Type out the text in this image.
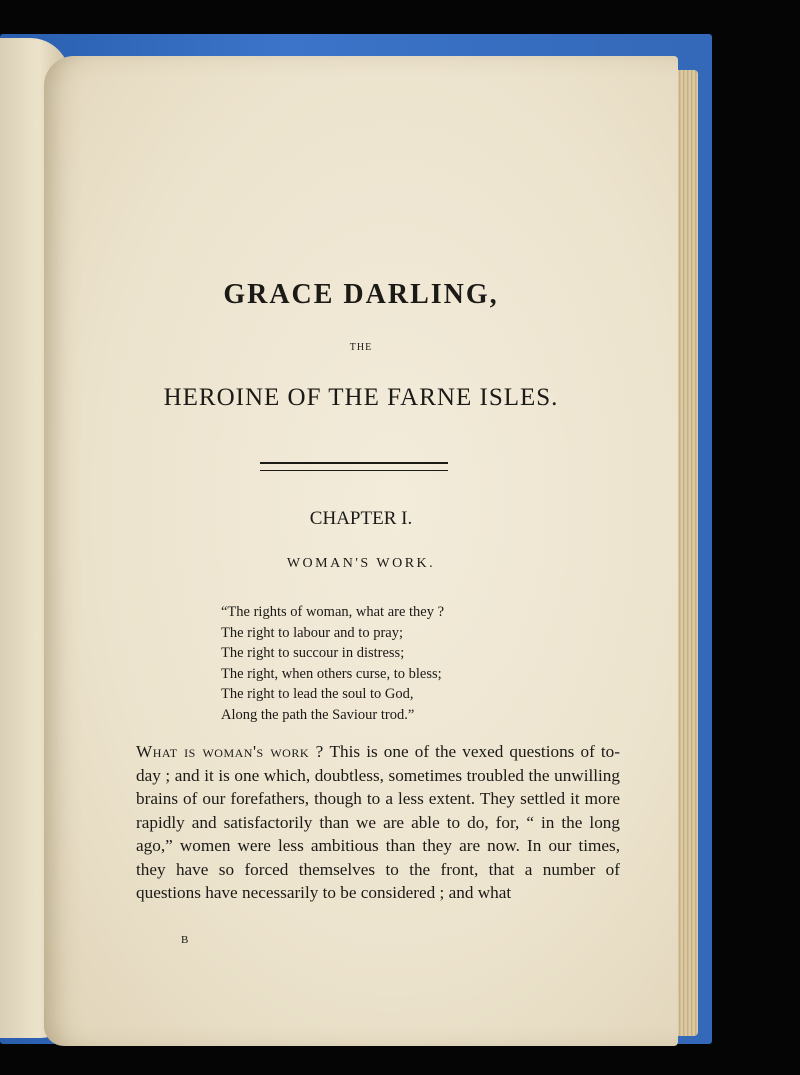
GRACE DARLING,

THE

HEROINE OF THE FARNE ISLES.

CHAPTER I.

WOMAN'S WORK.

“The rights of woman, what are they ?
The right to labour and to pray;
The right to succour in distress;
The right, when others curse, to bless;
The right to lead the soul to God,
Along the path the Saviour trod.”

What is woman's work ? This is one of the vexed questions of to-day ; and it is one which, doubtless, sometimes troubled the unwilling brains of our forefathers, though to a less extent. They settled it more rapidly and satisfactorily than we are able to do, for, “ in the long ago,” women were less ambitious than they are now. In our times, they have so forced themselves to the front, that a number of questions have necessarily to be considered ; and what

B
